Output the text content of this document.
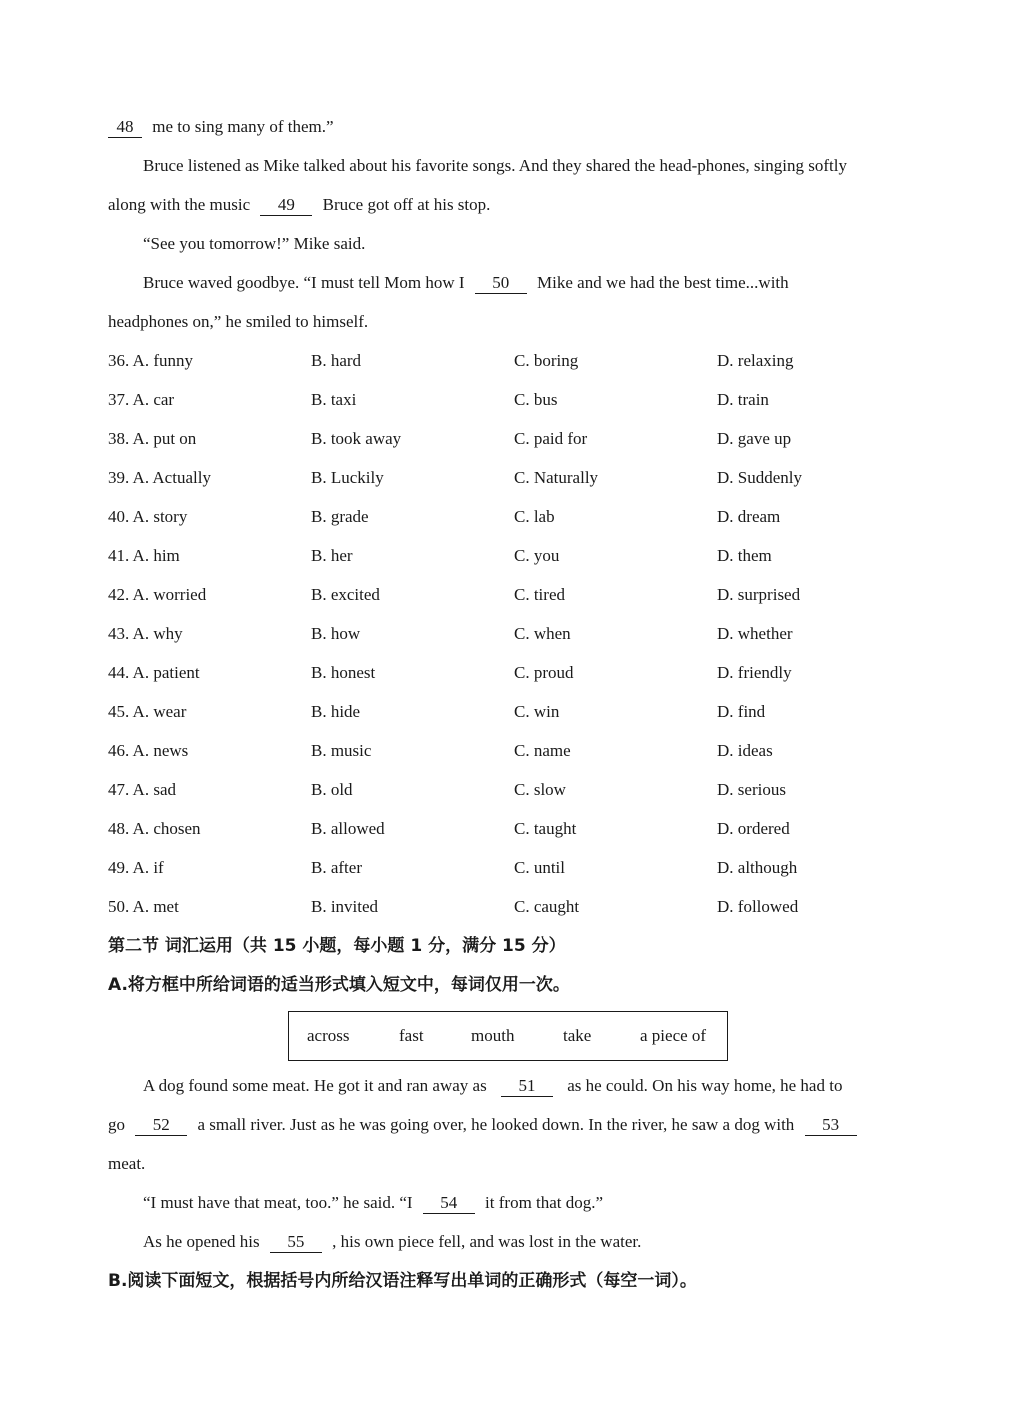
48 me to sing many of them.”
Bruce listened as Mike talked about his favorite songs. And they shared the head-phones, singing softly
along with the music 49 Bruce got off at his stop.
“See you tomorrow!” Mike said.
Bruce waved goodbye. “I must tell Mom how I 50 Mike and we had the best time...with
headphones on,” he smiled to himself.
36. A. funny	B. hard	C. boring	D. relaxing
37. A. car	B. taxi	C. bus	D. train
38. A. put on	B. took away	C. paid for	D. gave up
39. A. Actually	B. Luckily	C. Naturally	D. Suddenly
40. A. story	B. grade	C. lab	D. dream
41. A. him	B. her	C. you	D. them
42. A. worried	B. excited	C. tired	D. surprised
43. A. why	B. how	C. when	D. whether
44. A. patient	B. honest	C. proud	D. friendly
45. A. wear	B. hide	C. win	D. find
46. A. news	B. music	C. name	D. ideas
47. A. sad	B. old	C. slow	D. serious
48. A. chosen	B. allowed	C. taught	D. ordered
49. A. if	B. after	C. until	D. although
50. A. met	B. invited	C. caught	D. followed
第二节 词汇运用（共 15 小题，每小题 1 分，满分 15 分）
A.将方框中所给词语的适当形式填入短文中，每词仅用一次。
across	fast	mouth	take	a piece of
A dog found some meat. He got it and ran away as 51 as he could. On his way home, he had to
go 52 a small river. Just as he was going over, he looked down. In the river, he saw a dog with 53
meat.
“I must have that meat, too.” he said. “I 54 it from that dog.”
As he opened his 55 , his own piece fell, and was lost in the water.
B.阅读下面短文，根据括号内所给汉语注释写出单词的正确形式（每空一词）。
